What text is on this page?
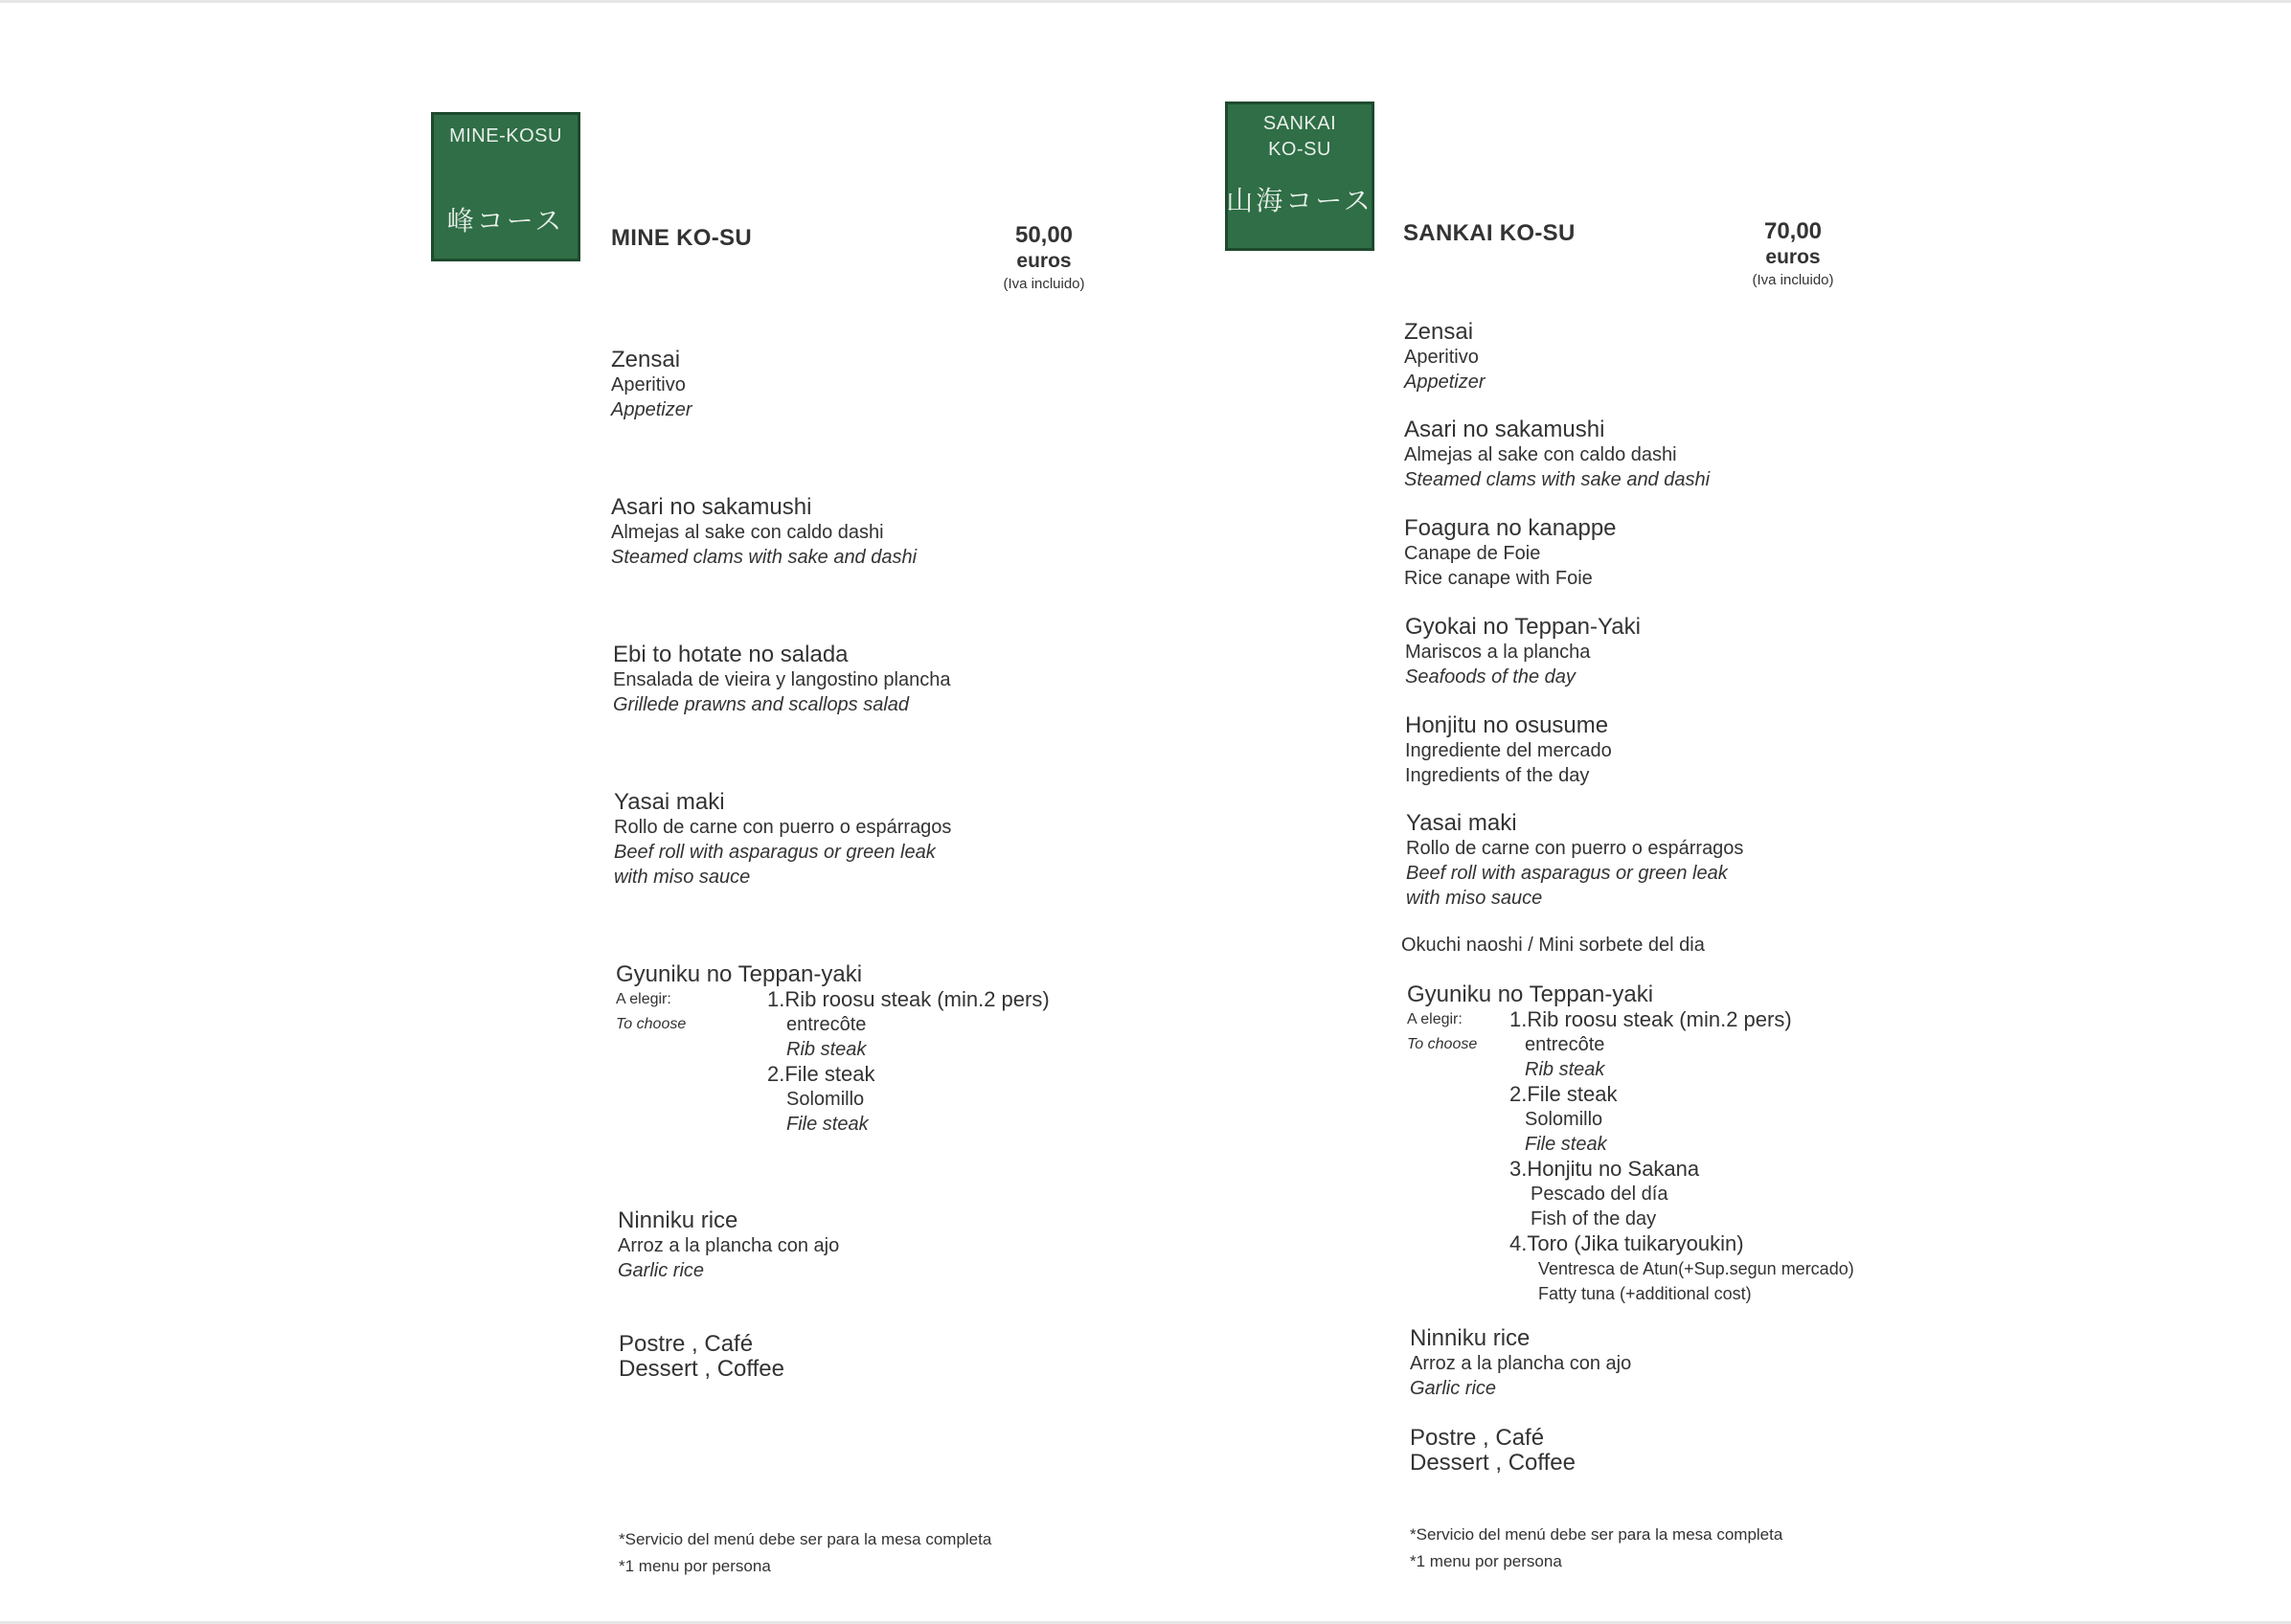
MINE-KOSU
峰コース
MINE KO-SU	50,00
euros
(Iva incluido)
Zensai
Aperitivo
Appetizer
Asari no sakamushi
Almejas al sake con caldo dashi
Steamed clams with sake and dashi
Ebi to hotate no salada
Ensalada de vieira y langostino plancha
Grillede prawns and scallops salad
Yasai maki
Rollo de carne con puerro o espárragos
Beef roll with asparagus or green leak
with miso sauce
Gyuniku no Teppan-yaki
A elegir:
To choose
1.Rib roosu steak (min.2 pers)
entrecôte
Rib steak
2.File steak
Solomillo
File steak
Ninniku rice
Arroz a la plancha con ajo
Garlic rice
Postre , Café
Dessert , Coffee
*Servicio del menú debe ser para la mesa completa
*1 menu por persona
SANKAI
KO-SU
山海コース
SANKAI KO-SU	70,00
euros
(Iva incluido)
Zensai
Aperitivo
Appetizer
Asari no sakamushi
Almejas al sake con caldo dashi
Steamed clams with sake and dashi
Foagura no kanappe
Canape de Foie
Rice canape with Foie
Gyokai no Teppan-Yaki
Mariscos a la plancha
Seafoods of the day
Honjitu no osusume
Ingrediente del mercado
Ingredients of the day
Yasai maki
Rollo de carne con puerro o espárragos
Beef roll with asparagus or green leak
with miso sauce
Okuchi naoshi / Mini sorbete del dia
Gyuniku no Teppan-yaki
A elegir:
To choose
1.Rib roosu steak (min.2 pers)
entrecôte
Rib steak
2.File steak
Solomillo
File steak
3.Honjitu no Sakana
Pescado del día
Fish of the day
4.Toro (Jika tuikaryoukin)
Ventresca de Atun(+Sup.segun mercado)
Fatty tuna (+additional cost)
Ninniku rice
Arroz a la plancha con ajo
Garlic rice
Postre , Café
Dessert , Coffee
*Servicio del menú debe ser para la mesa completa
*1 menu por persona
